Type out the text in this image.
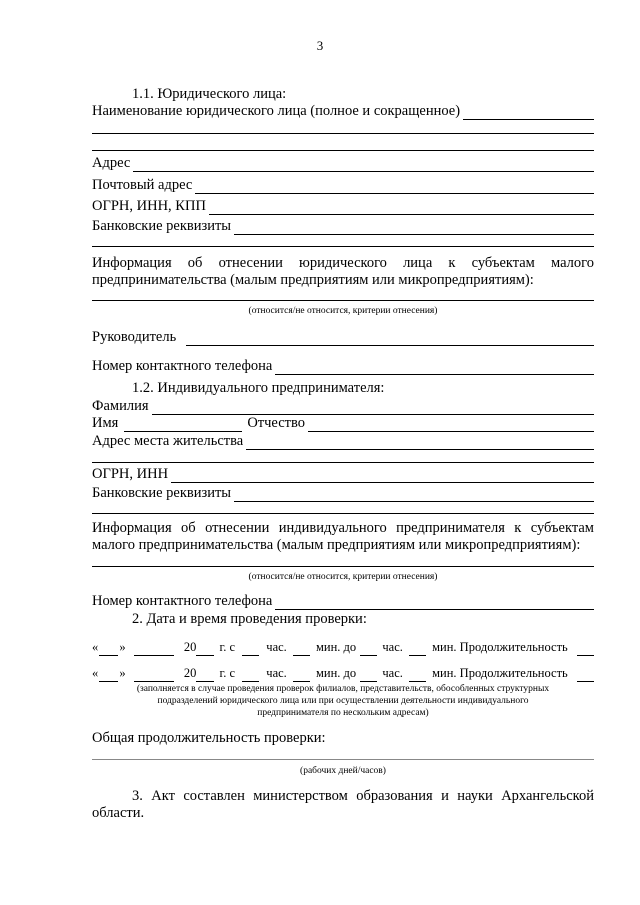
3
1.1. Юридического лица:
Наименование юридического лица (полное и сокращенное)
Адрес
Почтовый адрес
ОГРН, ИНН, КПП
Банковские реквизиты
Информация об отнесении юридического лица к субъектам малого
предпринимательства (малым предприятиям или микропредприятиям):
(относится/не относится, критерии отнесения)
Руководитель
Номер контактного телефона
1.2. Индивидуального предпринимателя:
Фамилия
Имя	Отчество
Адрес места жительства
ОГРН, ИНН
Банковские реквизиты
Информация об отнесении индивидуального предпринимателя к субъектам
малого предпринимательства (малым предприятиям или микропредприятиям):
(относится/не относится, критерии отнесения)
Номер контактного телефона
2. Дата и время проведения проверки:
« »	20 г. с час. мин. до час. мин. Продолжительность
« »	20 г. с час. мин. до час. мин. Продолжительность
(заполняется в случае проведения проверок филиалов, представительств, обособленных структурных
подразделений юридического лица или при осуществлении деятельности индивидуального
предпринимателя по нескольким адресам)
Общая продолжительность проверки:
(рабочих дней/часов)
3. Акт составлен министерством образования и науки Архангельской
области.
